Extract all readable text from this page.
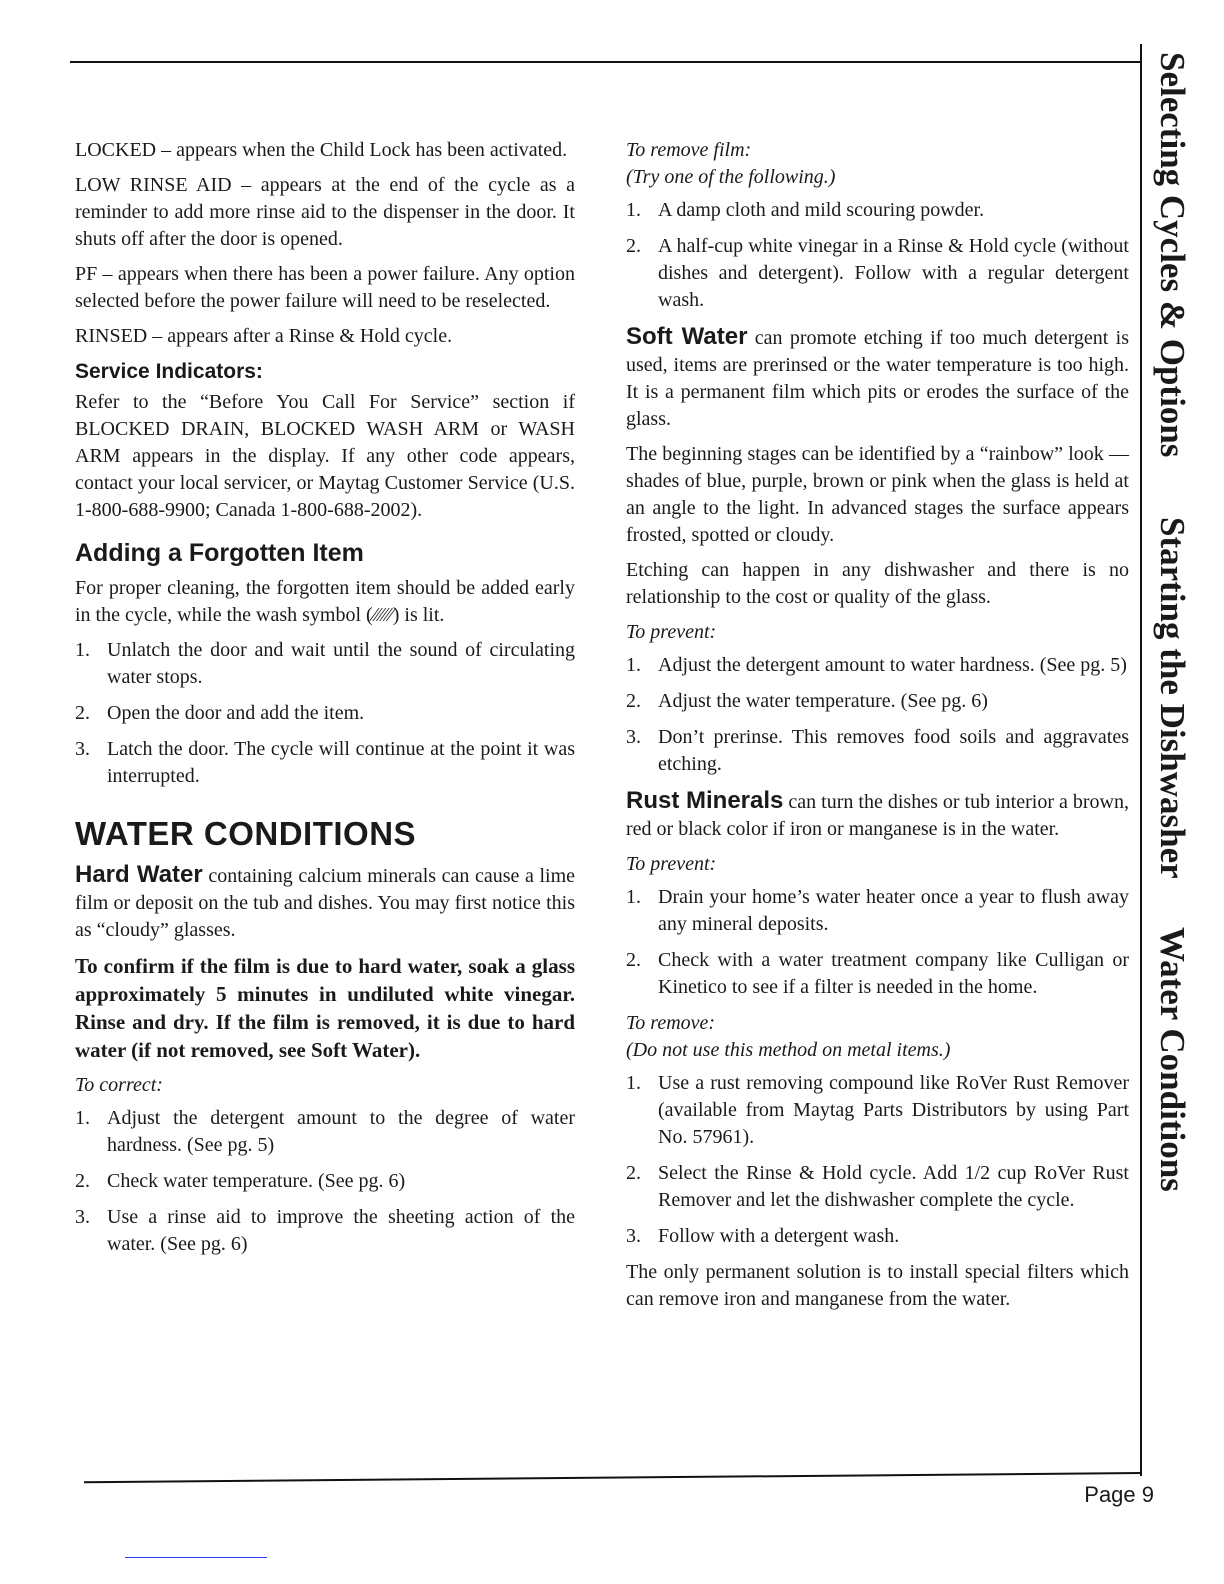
Page 9
Selecting Cycles & Options
Starting the Dishwasher
Water Conditions

LOCKED – appears when the Child Lock has been activated.

LOW RINSE AID – appears at the end of the cycle as a reminder to add more rinse aid to the dispenser in the door. It shuts off after the door is opened.

PF – appears when there has been a power failure. Any option selected before the power failure will need to be reselected.

RINSED – appears after a Rinse & Hold cycle.

Service Indicators:

Refer to the “Before You Call For Service” section if BLOCKED DRAIN, BLOCKED WASH ARM or WASH ARM appears in the display. If any other code appears, contact your local servicer, or Maytag Customer Service (U.S. 1-800-688-9900; Canada 1-800-688-2002).

Adding a Forgotten Item

For proper cleaning, the forgotten item should be added early in the cycle, while the wash symbol (⁄⁄⁄⁄⁄⁄) is lit.

1. Unlatch the door and wait until the sound of circulating water stops.
2. Open the door and add the item.
3. Latch the door. The cycle will continue at the point it was interrupted.
WATER CONDITIONS

Hard Water containing calcium minerals can cause a lime film or deposit on the tub and dishes. You may first notice this as “cloudy” glasses.

To confirm if the film is due to hard water, soak a glass approximately 5 minutes in undiluted white vinegar. Rinse and dry. If the film is removed, it is due to hard water (if not removed, see Soft Water).

To correct:

1. Adjust the detergent amount to the degree of water hardness. (See pg. 5)
2. Check water temperature. (See pg. 6)
3. Use a rinse aid to improve the sheeting action of the water. (See pg. 6)

To remove film:

(Try one of the following.)

1. A damp cloth and mild scouring powder.
2. A half-cup white vinegar in a Rinse & Hold cycle (without dishes and detergent). Follow with a regular detergent wash.

Soft Water can promote etching if too much detergent is used, items are prerinsed or the water temperature is too high. It is a permanent film which pits or erodes the surface of the glass.

The beginning stages can be identified by a “rainbow” look — shades of blue, purple, brown or pink when the glass is held at an angle to the light. In advanced stages the surface appears frosted, spotted or cloudy.

Etching can happen in any dishwasher and there is no relationship to the cost or quality of the glass.

To prevent:

1. Adjust the detergent amount to water hardness. (See pg. 5)
2. Adjust the water temperature. (See pg. 6)
3. Don’t prerinse. This removes food soils and aggravates etching.

Rust Minerals can turn the dishes or tub interior a brown, red or black color if iron or manganese is in the water.

To prevent:

1. Drain your home’s water heater once a year to flush away any mineral deposits.
2. Check with a water treatment company like Culligan or Kinetico to see if a filter is needed in the home.

To remove:

(Do not use this method on metal items.)

1. Use a rust removing compound like RoVer Rust Remover (available from Maytag Parts Distributors by using Part No. 57961).
2. Select the Rinse & Hold cycle. Add 1/2 cup RoVer Rust Remover and let the dishwasher complete the cycle.
3. Follow with a detergent wash.

The only permanent solution is to install special filters which can remove iron and manganese from the water.
